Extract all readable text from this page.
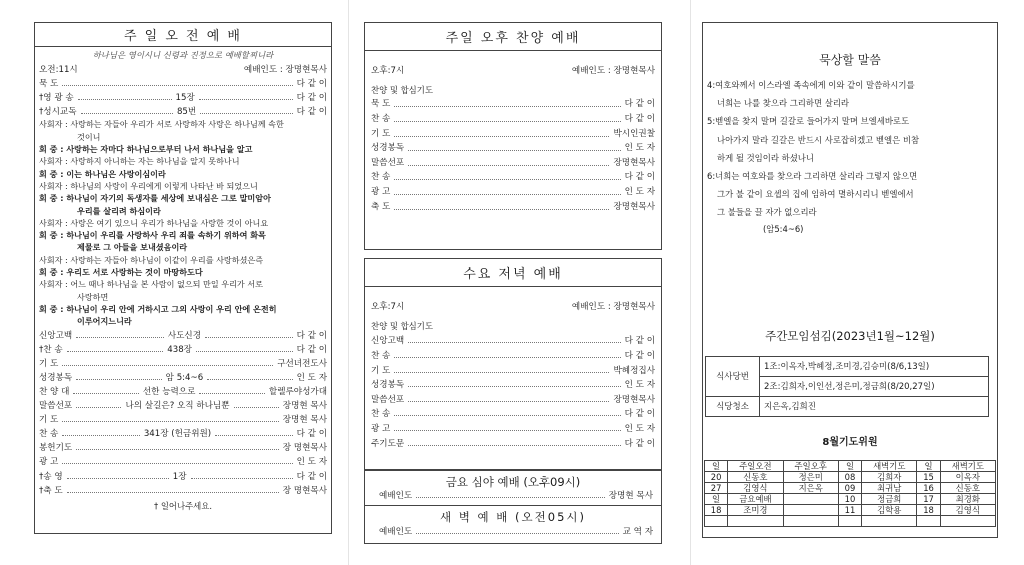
주 일 오 전 예 배
하나님은 영이시니 신령과 진정으로 예배할찌니라
오전:11시	예배인도 : 장명현목사
묵 도	다 같 이
†영 광 송	15장	다 같 이
†성시교독	85번	다 같 이
사회자 : 사랑하는 자들아 우리가 서로 사랑하자 사랑은 하나님께 속한
것이니
회 중 : 사랑하는 자마다 하나님으로부터 나서 하나님을 알고
사회자 : 사랑하지 아니하는 자는 하나님을 알지 못하나니
회 중 : 이는 하나님은 사랑이심이라
사회자 : 하나님의 사랑이 우리에게 이렇게 나타난 바 되었으니
회 중 : 하나님이 자기의 독생자를 세상에 보내심은 그로 말미암아
우리를 살리려 하심이라
사회자 : 사랑은 여기 있으니 우리가 하나님을 사랑한 것이 아니요
회 중 : 하나님이 우리를 사랑하사 우리 죄를 속하기 위하여 화목
제물로 그 아들을 보내셨음이라
사회자 : 사랑하는 자들아 하나님이 이같이 우리를 사랑하셨은즉
회 중 : 우리도 서로 사랑하는 것이 마땅하도다
사회자 : 어느 때나 하나님을 본 사람이 없으되 만일 우리가 서로
사랑하면
회 중 : 하나님이 우리 안에 거하시고 그의 사랑이 우리 안에 온전히
이루어지느니라
신앙고백	사도신경	다 같 이
†찬 송	438장	다 같 이
기 도	구선녀전도사
성경봉독	암 5:4~6	인 도 자
찬 양 대	선한 능력으로	할렐루야성가대
말씀선포	나의 살길은? 오직 하나님뿐	장명현 목사
기 도	장명현 목사
찬 송	341장 (헌금위원)	다 같 이
봉헌기도	장 명현목사
광 고	인 도 자
†송 영	1장	다 같 이
†축 도	장 명현목사
† 일어나주세요.
주일 오후 찬양 예배
오후:7시	예배인도 : 장명현목사
찬양 및 합심기도
묵 도	다 같 이
찬 송	다 같 이
기 도	박시인권찰
성경봉독	인 도 자
말씀선포	장명현목사
찬 송	다 같 이
광 고	인 도 자
축 도	장명현목사
수요 저녁 예배
오후:7시	예배인도 : 장명현목사
찬양 및 합심기도
신앙고백	다 같 이
찬 송	다 같 이
기 도	박혜정집사
성경봉독	인 도 자
말씀선포	장명현목사
찬 송	다 같 이
광 고	인 도 자
주기도문	다 같 이
금요 심야 예배 (오후09시)
예배인도	장명현 목사
새 벽 예 배 (오전05시)
예배인도	교 역 자
묵상할 말씀
4:여호와께서 이스라엘 족속에게 이와 같이 말씀하시기를
너희는 나를 찾으라 그리하면 살리라
5:벧엘을 찾지 말며 길갈로 들어가지 말며 브엘세바로도
나아가지 말라 길갈은 반드시 사로잡히겠고 벧엘은 비참
하게 될 것임이라 하셨나니
6:너희는 여호와를 찾으라 그리하면 살리라 그렇지 않으면
그가 불 같이 요셉의 집에 임하여 멸하시리니 벧엘에서
그 불들을 끌 자가 없으리라
(암5:4~6)
주간모임섬김(2023년1월~12월)
식사당번	1조:이옥자,박혜정,조미경,김승미(8/6,13일)
	2조:김희자,이인선,정은미,정금희(8/20,27일)
식당청소	지은옥,김희진
8월기도위원
일	주일오전	주일오후	일	새벽기도	일	새벽기도
20	신동호	정은미	08	김희자	15	이옥자
27	김영식	지은옥	09	최귀남	16	신동호
일	금요예배		10	정금희	17	최경화
18	조미경		11	김학용	18	김영식
